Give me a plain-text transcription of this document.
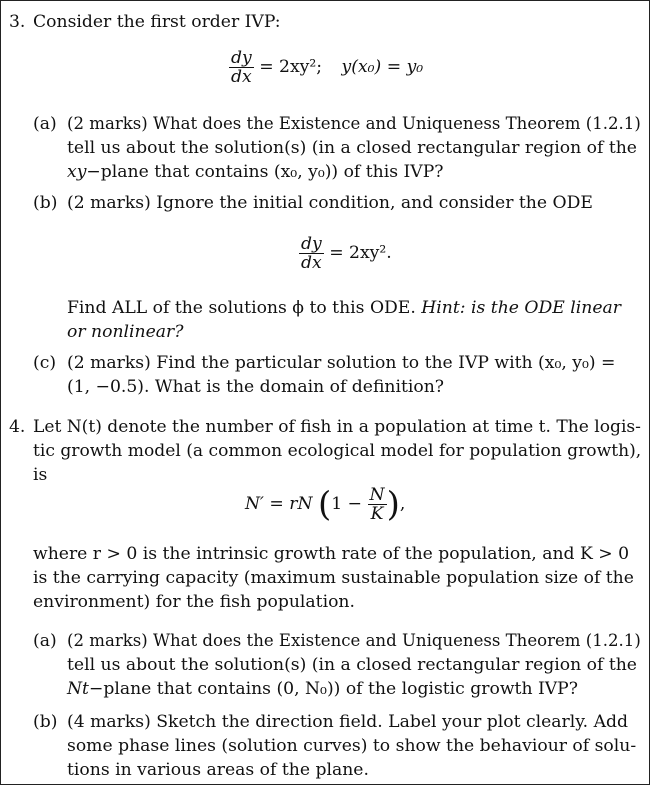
3. Consider the first order IVP:
$\frac{dy}{dx} = 2xy^2$; y(x₀) = y₀
(a) (2 marks) What does the Existence and Uniqueness Theorem (1.2.1)
tell us about the solution(s) (in a closed rectangular region of the
xy−plane that contains (x₀, y₀)) of this IVP?
(b) (2 marks) Ignore the initial condition, and consider the ODE
$\frac{dy}{dx} = 2xy^2$.
Find ALL of the solutions ϕ to this ODE. Hint: is the ODE linear
or nonlinear?
(c) (2 marks) Find the particular solution to the IVP with (x₀, y₀) =
(1, −0.5). What is the domain of definition?
4. Let N(t) denote the number of fish in a population at time t. The logis-
tic growth model (a common ecological model for population growth),
is
N′ = rN ($1 - \frac{N}{K}$ ),
where r > 0 is the intrinsic growth rate of the population, and K > 0
is the carrying capacity (maximum sustainable population size of the
environment) for the fish population.
(a) (2 marks) What does the Existence and Uniqueness Theorem (1.2.1)
tell us about the solution(s) (in a closed rectangular region of the
Nt−plane that contains (0, N₀)) of the logistic growth IVP?
(b) (4 marks) Sketch the direction field. Label your plot clearly. Add
some phase lines (solution curves) to show the behaviour of solu-
tions in various areas of the plane.
